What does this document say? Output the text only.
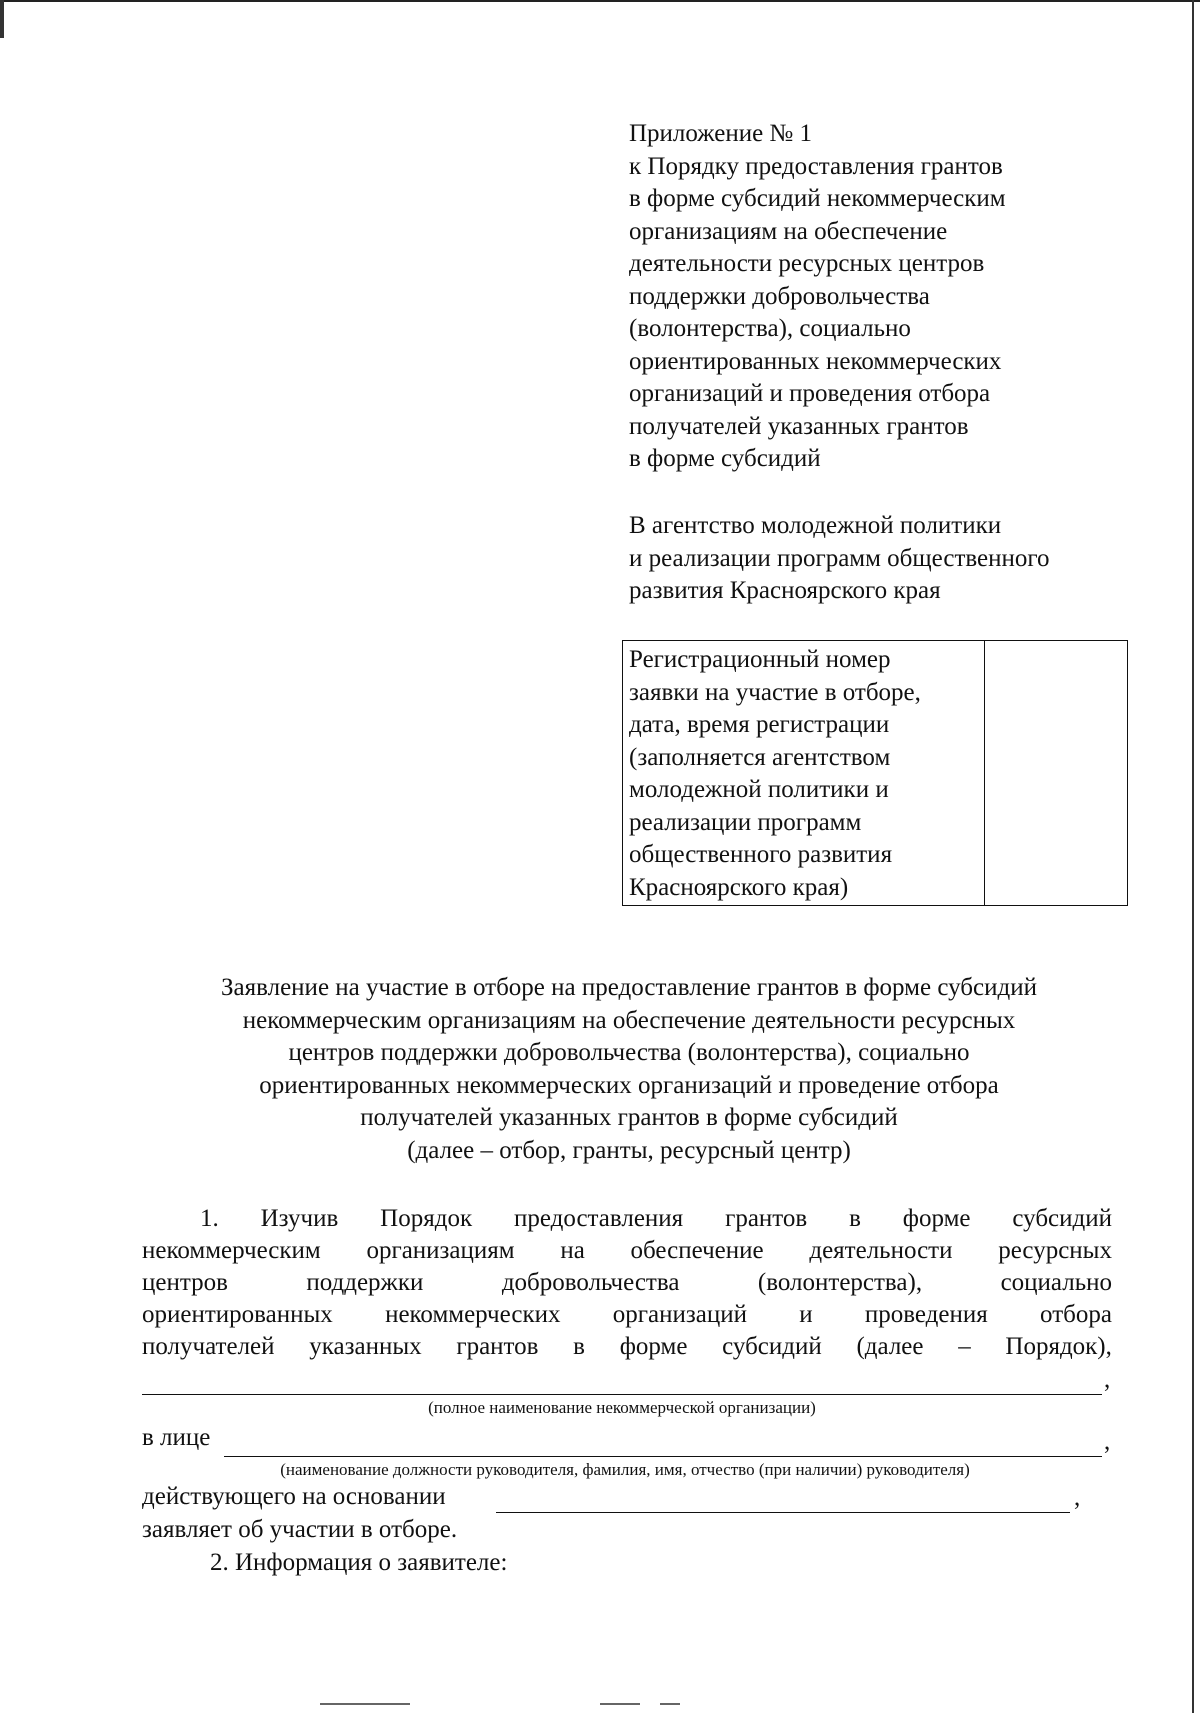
Приложение № 1
к Порядку предоставления грантов
в форме субсидий некоммерческим
организациям на обеспечение
деятельности ресурсных центров
поддержки добровольчества
(волонтерства), социально
ориентированных некоммерческих
организаций и проведения отбора
получателей указанных грантов
в форме субсидий
В агентство молодежной политики
и реализации программ общественного
развития Красноярского края
Регистрационный номер
заявки на участие в отборе,
дата, время регистрации
(заполняется агентством
молодежной политики и
реализации программ
общественного развития
Красноярского края)
Заявление на участие в отборе на предоставление грантов в форме субсидий
некоммерческим организациям на обеспечение деятельности ресурсных
центров поддержки добровольчества (волонтерства), социально
ориентированных некоммерческих организаций и проведение отбора
получателей указанных грантов в форме субсидий
(далее – отбор, гранты, ресурсный центр)
1. Изучив Порядок предоставления грантов в форме субсидий
некоммерческим организациям на обеспечение деятельности ресурсных
центров	поддержки	добровольчества	(волонтерства),	социально
ориентированных некоммерческих организаций и проведения отбора
получателей указанных грантов в форме субсидий (далее – Порядок),
,
(полное наименование некоммерческой организации)
в лице	,
(наименование должности руководителя, фамилия, имя, отчество (при наличии) руководителя)
действующего на основании	,
заявляет об участии в отборе.
2. Информация о заявителе:
